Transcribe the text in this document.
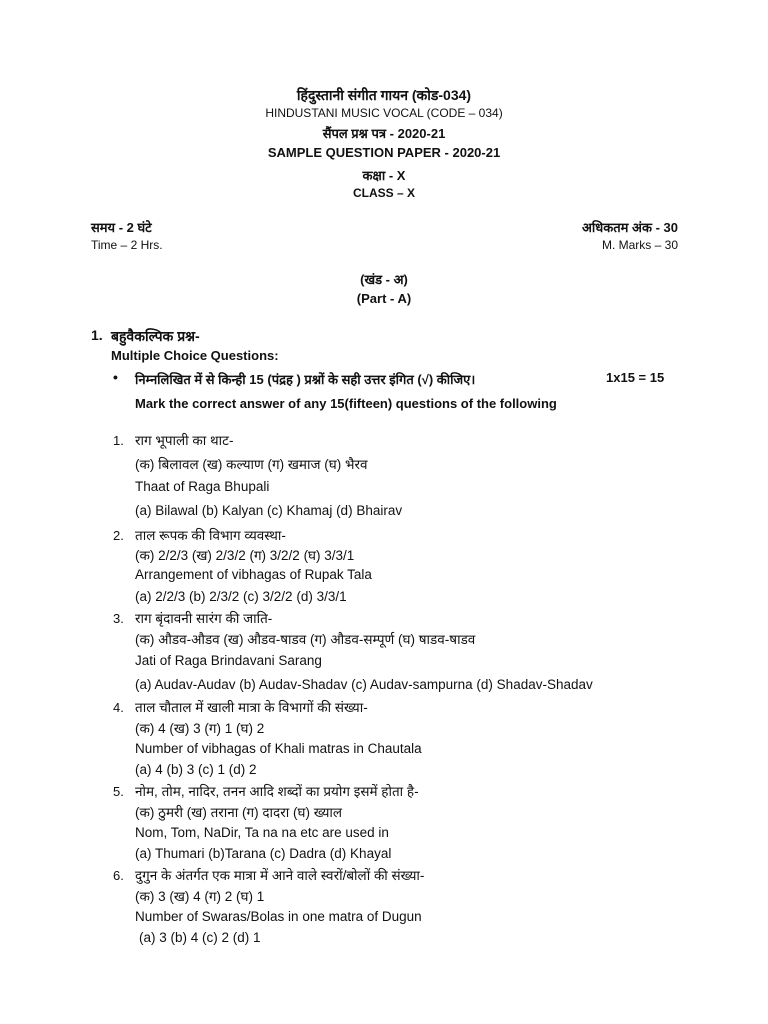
हिंदुस्तानी संगीत गायन (कोड-034)
HINDUSTANI MUSIC VOCAL (CODE – 034)
सैंपल प्रश्न पत्र - 2020-21
SAMPLE QUESTION PAPER - 2020-21
कक्षा - X
CLASS – X
समय - 2 घंटे
Time – 2 Hrs.
अधिकतम अंक - 30
M. Marks – 30
(खंड - अ)
(Part - A)
1. बहुवैकल्पिक प्रश्न-
Multiple Choice Questions:
• निम्नलिखित में से किन्ही 15 (पंद्रह ) प्रश्नों के सही उत्तर इंगित (√) कीजिए।	1x15 = 15
Mark the correct answer of any 15(fifteen) questions of the following
1. राग भूपाली का थाट-
(क) बिलावल (ख) कल्याण (ग) खमाज (घ) भैरव
Thaat of Raga Bhupali
(a) Bilawal (b) Kalyan (c) Khamaj (d) Bhairav
2. ताल रूपक की विभाग व्यवस्था-
(क) 2/2/3 (ख) 2/3/2 (ग) 3/2/2 (घ) 3/3/1
Arrangement of vibhagas of Rupak Tala
(a) 2/2/3 (b) 2/3/2 (c) 3/2/2 (d) 3/3/1
3. राग बृंदावनी सारंग की जाति-
(क) औडव-औडव (ख) औडव-षाडव (ग) औडव-सम्पूर्ण (घ) षाडव-षाडव
Jati of Raga Brindavani Sarang
(a) Audav-Audav (b) Audav-Shadav (c) Audav-sampurna (d) Shadav-Shadav
4. ताल चौताल में खाली मात्रा के विभागों की संख्या-
(क) 4 (ख) 3 (ग) 1 (घ) 2
Number of vibhagas of Khali matras in Chautala
(a) 4 (b) 3 (c) 1 (d) 2
5. नोम, तोम, नादिर, तनन आदि शब्दों का प्रयोग इसमें होता है-
(क) ठुमरी (ख) तराना (ग) दादरा (घ) ख्याल
Nom, Tom, NaDir, Ta na na etc are used in
(a) Thumari (b)Tarana (c) Dadra (d) Khayal
6. दुगुन के अंतर्गत एक मात्रा में आने वाले स्वरों/बोलों की संख्या-
(क) 3 (ख) 4 (ग) 2 (घ) 1
Number of Swaras/Bolas in one matra of Dugun
(a) 3 (b) 4 (c) 2 (d) 1
